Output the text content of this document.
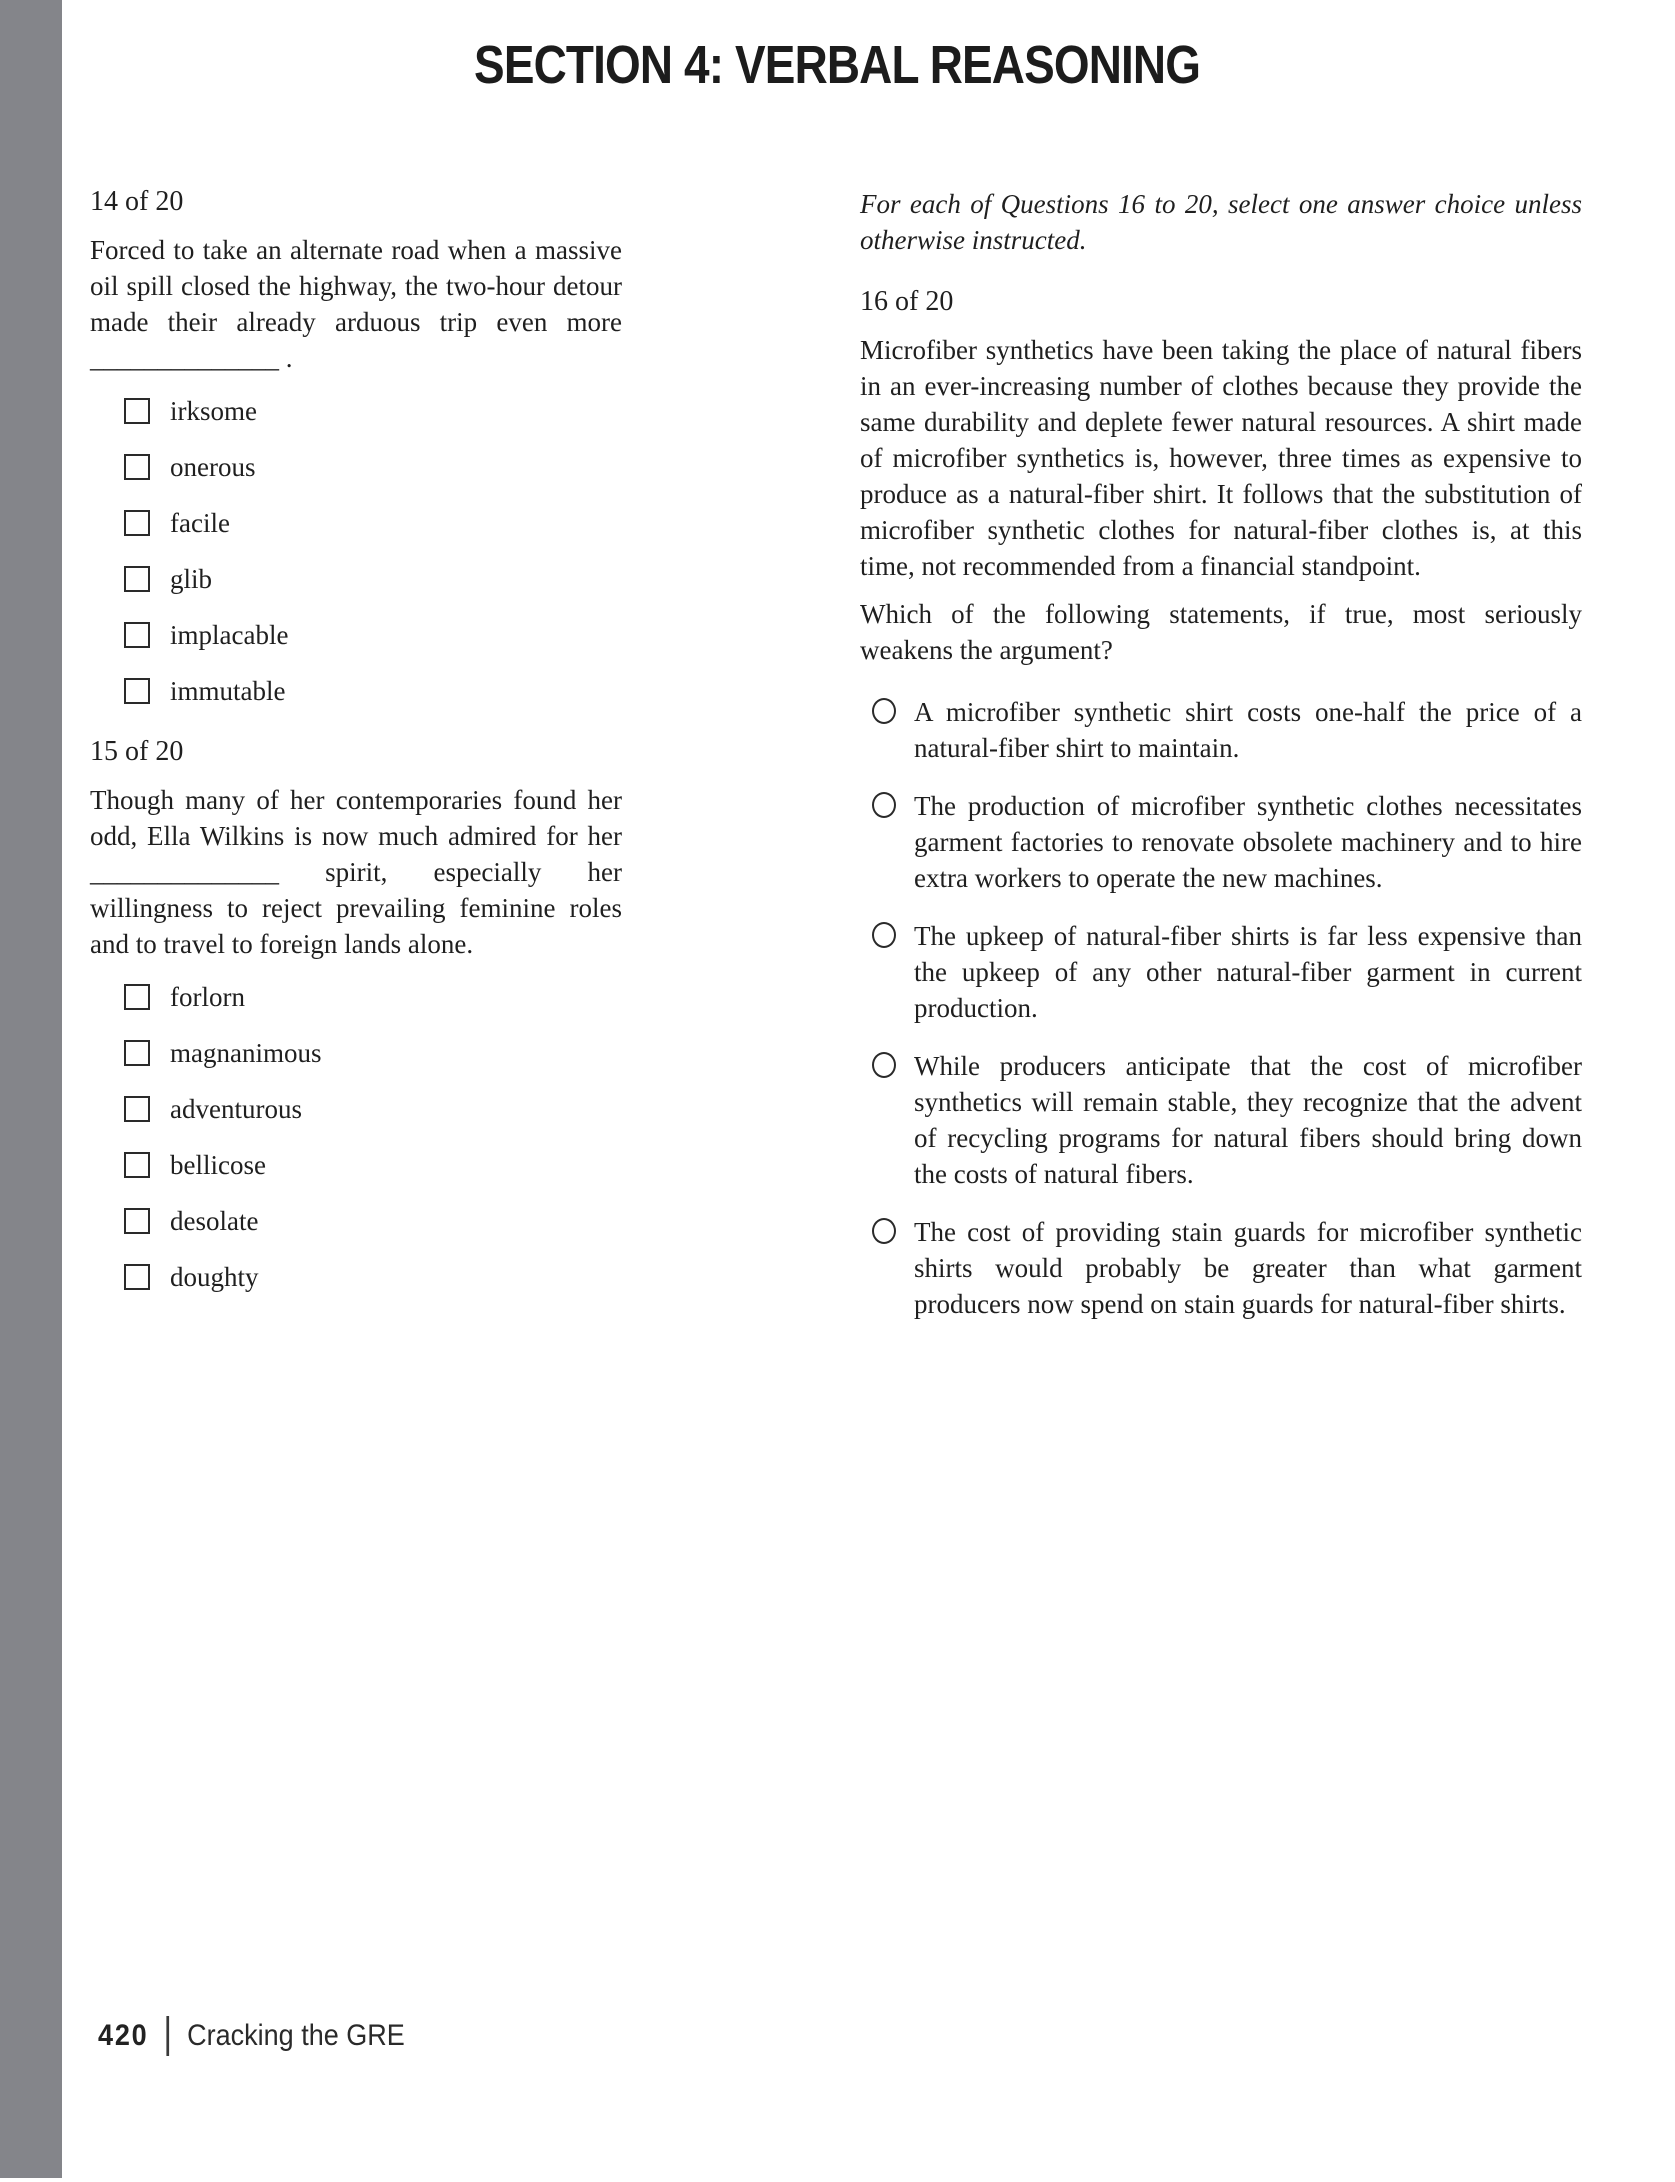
SECTION 4: VERBAL REASONING

14 of 20

Forced to take an alternate road when a massive oil spill closed the highway, the two-hour detour made their already arduous trip even more ______________ .

irksome
onerous
facile
glib
implacable
immutable

15 of 20

Though many of her contemporaries found her odd, Ella Wilkins is now much admired for her ______________ spirit, especially her willingness to reject prevailing feminine roles and to travel to foreign lands alone.

forlorn
magnanimous
adventurous
bellicose
desolate
doughty

For each of Questions 16 to 20, select one answer choice unless otherwise instructed.

16 of 20

Microfiber synthetics have been taking the place of natural fibers in an ever-increasing number of clothes because they provide the same durability and deplete fewer natural resources. A shirt made of microfiber synthetics is, however, three times as expensive to produce as a natural-fiber shirt. It follows that the substitution of microfiber synthetic clothes for natural-fiber clothes is, at this time, not recommended from a financial standpoint.

Which of the following statements, if true, most seriously weakens the argument?

A microfiber synthetic shirt costs one-half the price of a natural-fiber shirt to maintain.
The production of microfiber synthetic clothes necessitates garment factories to renovate obsolete machinery and to hire extra workers to operate the new machines.
The upkeep of natural-fiber shirts is far less expensive than the upkeep of any other natural-fiber garment in current production.
While producers anticipate that the cost of microfiber synthetics will remain stable, they recognize that the advent of recycling programs for natural fibers should bring down the costs of natural fibers.
The cost of providing stain guards for microfiber synthetic shirts would probably be greater than what garment producers now spend on stain guards for natural-fiber shirts.
420 Cracking the GRE
